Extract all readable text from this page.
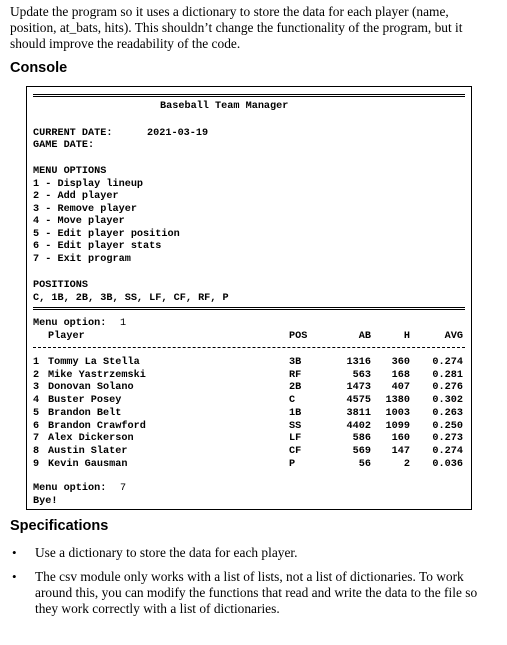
Update the program so it uses a dictionary to store the data for each player (name, position, at_bats, hits). This shouldn’t change the functionality of the program, but it should improve the readability of the code.
Console
Baseball Team Manager
CURRENT DATE:	2021-03-19
GAME DATE:
MENU OPTIONS
1 - Display lineup
2 - Add player
3 - Remove player
4 - Move player
5 - Edit player position
6 - Edit player stats
7 - Exit program
POSITIONS
C, 1B, 2B, 3B, SS, LF, CF, RF, P
Menu option: 1
Player	POS	AB	H	AVG
1 Tommy La Stella	3B	1316	360	0.274
2 Mike Yastrzemski	RF	563	168	0.281
3 Donovan Solano	2B	1473	407	0.276
4 Buster Posey	C	4575	1380	0.302
5 Brandon Belt	1B	3811	1003	0.263
6 Brandon Crawford	SS	4402	1099	0.250
7 Alex Dickerson	LF	586	160	0.273
8 Austin Slater	CF	569	147	0.274
9 Kevin Gausman	P	56	2	0.036
Menu option: 7
Bye!
Specifications
• Use a dictionary to store the data for each player.
• The csv module only works with a list of lists, not a list of dictionaries. To work around this, you can modify the functions that read and write the data to the file so they work correctly with a list of dictionaries.
